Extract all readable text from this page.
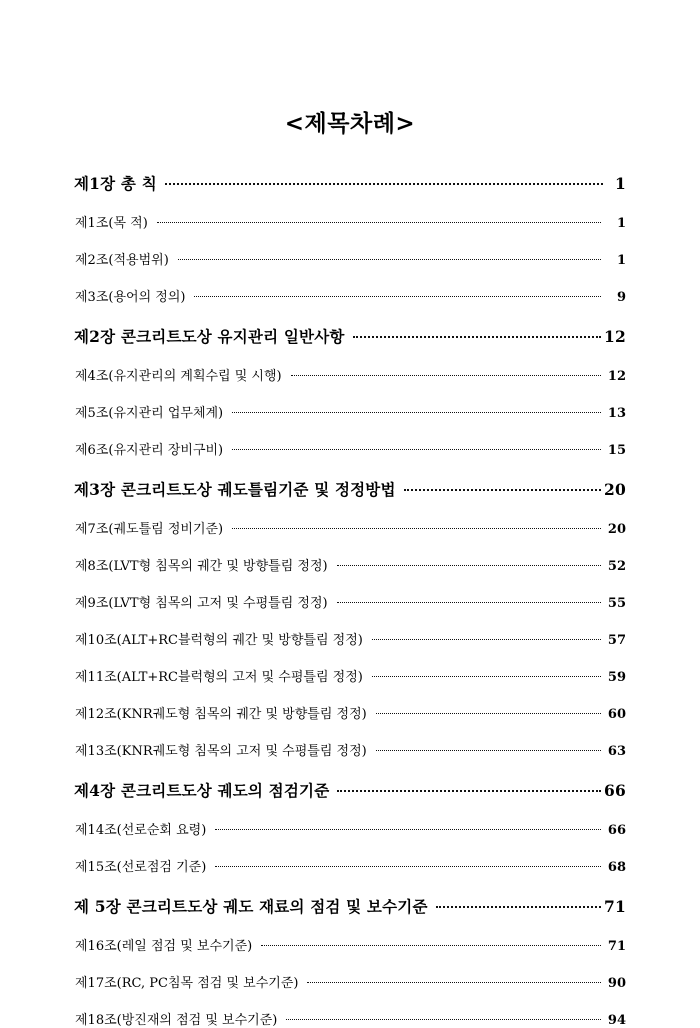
<제목차례>
제1장 총 칙	1
제1조(목 적)	1
제2조(적용범위)	1
제3조(용어의 정의)	9
제2장 콘크리트도상 유지관리 일반사항	12
제4조(유지관리의 계획수립 및 시행)	12
제5조(유지관리 업무체계)	13
제6조(유지관리 장비구비)	15
제3장 콘크리트도상 궤도틀림기준 및 정정방법	20
제7조(궤도틀림 정비기준)	20
제8조(LVT형 침목의 궤간 및 방향틀림 정정)	52
제9조(LVT형 침목의 고저 및 수평틀림 정정)	55
제10조(ALT+RC블럭형의 궤간 및 방향틀림 정정)	57
제11조(ALT+RC블럭형의 고저 및 수평틀림 정정)	59
제12조(KNR궤도형 침목의 궤간 및 방향틀림 정정)	60
제13조(KNR궤도형 침목의 고저 및 수평틀림 정정)	63
제4장 콘크리트도상 궤도의 점검기준	66
제14조(선로순회 요령)	66
제15조(선로점검 기준)	68
제 5장 콘크리트도상 궤도 재료의 점검 및 보수기준	71
제16조(레일 점검 및 보수기준)	71
제17조(RC, PC침목 점검 및 보수기준)	90
제18조(방진재의 점검 및 보수기준)	94
